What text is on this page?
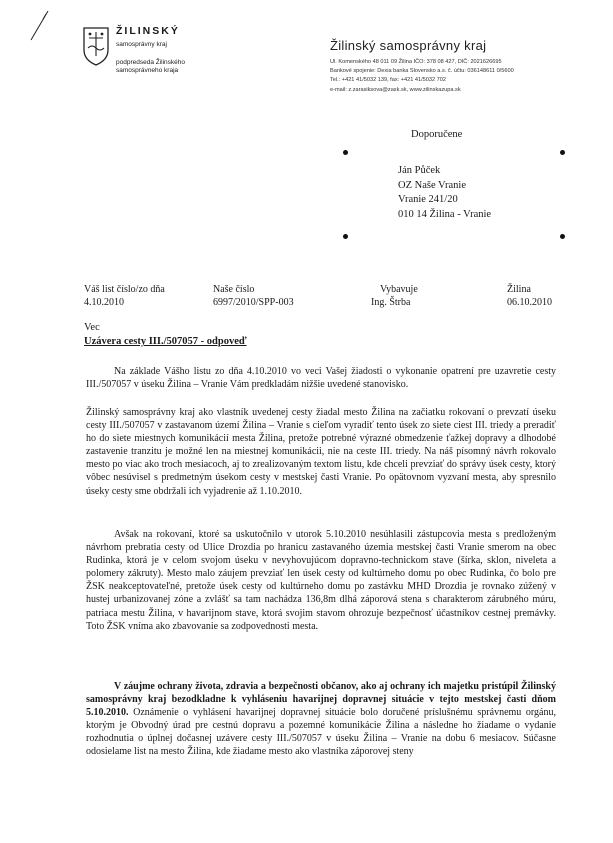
ŽILINSKÝ
samosprávny kraj
podpredseda Žilinského
samosprávneho kraja
Žilinský samosprávny kraj
Ul. Komenského 48 011 09 Žilina IČO: 378 08 427, DIČ: 2021626695
Bankové spojenie: Dexia banka Slovensko a.s. č. účtu: 036148611 0/5600
Tel.: +421 41/5032 139, fax: +421 41/5032 702
e-mail: z.zarasiksova@zask.sk, www.zilinskazupa.sk
Doporučene
Ján Půček
OZ Naše Vranie
Vranie 241/20
010 14 Žilina - Vranie
Váš list číslo/zo dňa
4.10.2010
Naše číslo
6997/2010/SPP-003
Vybavuje
Ing. Štrba
Žilina
06.10.2010
Vec
Uzávera cesty III./507057 - odpoveď

Na základe Vášho listu zo dňa 4.10.2010 vo veci Vašej žiadosti o vykonanie opatrení pre uzavretie cesty III./507057 v úseku Žilina – Vranie Vám predkladám nižšie uvedené stanovisko.

Žilinský samosprávny kraj ako vlastník uvedenej cesty žiadal mesto Žilina na začiatku rokovaní o prevzatí úseku cesty III./507057 v zastavanom území Žilina – Vranie s cieľom vyradiť tento úsek zo siete ciest III. triedy a preradiť ho do siete miestnych komunikácií mesta Žilina, pretože potrebné výrazné obmedzenie ťažkej dopravy a dlhodobé zastavenie tranzitu je možné len na miestnej komunikácii, nie na ceste III. triedy. Na náš písomný návrh rokovalo mesto po viac ako troch mesiacoch, aj to zrealizovaným textom listu, kde chceli prevziať do správy úsek cesty, ktorý vôbec nesúvisel s predmetným úsekom cesty v mestskej časti Vranie. Po opätovnom vyzvaní mesta, aby spresnilo úseky cesty sme obdržali ich vyjadrenie až 1.10.2010.

Avšak na rokovaní, ktoré sa uskutočnilo v utorok 5.10.2010 nesúhlasili zástupcovia mesta s predloženým návrhom prebratia cesty od Ulice Drozdia po hranicu zastavaného územia mestskej časti Vranie smerom na obec Rudinka, ktorá je v celom svojom úseku v nevyhovujúcom dopravno-technickom stave (šírka, sklon, niveleta a polomery zákruty). Mesto malo záujem prevziať len úsek cesty od kultúrneho domu po obec Rudinka, čo bolo pre ŽSK neakceptovateľné, pretože úsek cesty od kultúrneho domu po zastávku MHD Drozdia je rovnako zúžený v hustej urbanizovanej zóne a zvlášť sa tam nachádza 136,8m dlhá záporová stena s charakterom zárubného múru, patriaca mestu Žilina, v havarijnom stave, ktorá svojim stavom ohrozuje bezpečnosť účastníkov cestnej premávky. Toto ŽSK vníma ako zbavovanie sa zodpovednosti mesta.

V záujme ochrany života, zdravia a bezpečnosti občanov, ako aj ochrany ich majetku pristúpil Žilinský samosprávny kraj bezodkladne k vyhláseniu havarijnej dopravnej situácie v tejto mestskej časti dňom 5.10.2010. Oznámenie o vyhlásení havarijnej dopravnej situácie bolo doručené príslušnému správnemu orgánu, ktorým je Obvodný úrad pre cestnú dopravu a pozemné komunikácie Žilina a následne ho žiadame o vydanie rozhodnutia o úplnej dočasnej uzávere cesty III./507057 v úseku Žilina – Vranie na dobu 6 mesiacov. Súčasne odosielame list na mesto Žilina, kde žiadame mesto ako vlastníka záporovej steny
